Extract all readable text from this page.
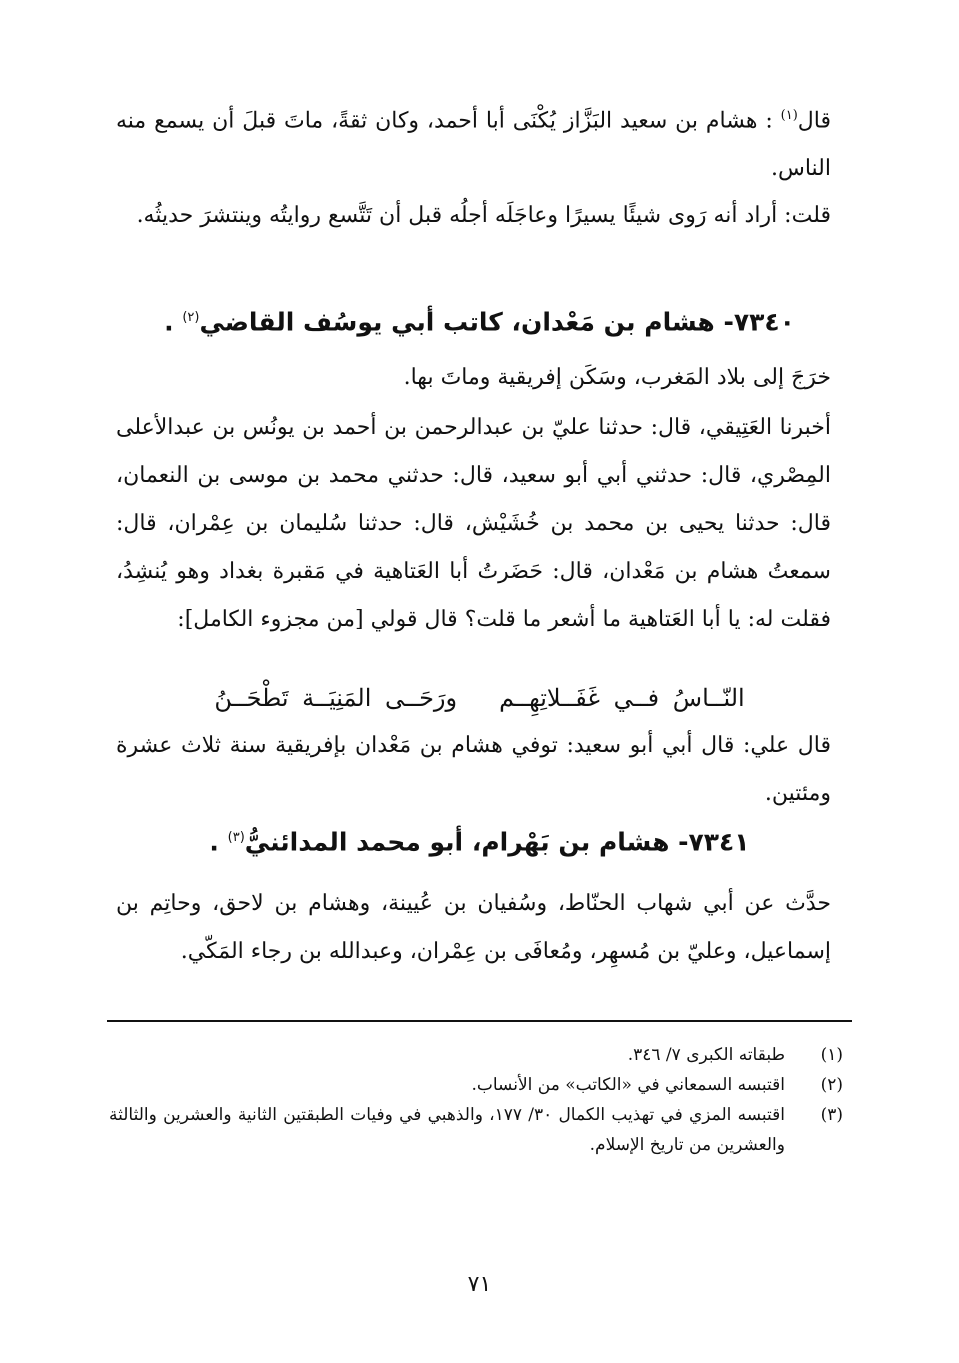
قال$^{(١)}$ : هشام بن سعيد البَزَّاز يُكْنَى أبا أحمد، وكان ثقةً، ماتَ قبلَ أن يسمع منه الناس.

قلت: أراد أنه رَوى شيئًا يسيرًا وعاجَلَه أجلُه قبل أن تَتَّسع روايتُه وينتشرَ حديثُه.

٧٣٤٠- هشام بن مَعْدان، كاتب أبي يوسُف القاضي$^{(٢)}$ .

خرَجَ إلى بلاد المَغرب، وسَكَن إفريقية وماتَ بها.

أخبرنا العَتِيقي، قال: حدثنا عليّ بن عبدالرحمن بن أحمد بن يونُس بن عبدالأعلى المِصْري، قال: حدثني أبي أبو سعيد، قال: حدثني محمد بن موسى بن النعمان، قال: حدثنا يحيى بن محمد بن خُشَيْش، قال: حدثنا سُليمان بن عِمْران، قال: سمعتُ هشام بن مَعْدان، قال: حَضَرتُ أبا العَتاهية في مَقبرة بغداد وهو يُنشِدُ، فقلت له: يا أبا العَتاهية ما أشعر ما قلت؟ قال قولي [من مجزوء الكامل]:

النّــاسُ فــي غَفَــلاتِهِــمورَحَــى المَنِيَــة تَطْحَــنُ

قال علي: قال أبي أبو سعيد: توفي هشام بن مَعْدان بإفريقية سنة ثلاث عشرة ومئتين.

٧٣٤١- هشام بن بَهْرام، أبو محمد المدائنيُّ$^{(٣)}$ .

حدَّث عن أبي شهاب الحنّاط، وسُفيان بن عُيينة، وهشام بن لاحق، وحاتِم بن إسماعيل، وعليّ بن مُسهِر، ومُعافَى بن عِمْران، وعبدالله بن رجاء المَكّي.

(١)
طبقاته الكبرى ٧/ ٣٤٦.
(٢)
اقتبسه السمعاني في «الكاتب» من الأنساب.
(٣)
اقتبسه المزي في تهذيب الكمال ٣٠/ ١٧٧، والذهبي في وفيات الطبقتين الثانية والعشرين والثالثة والعشرين من تاريخ الإسلام.
٧١
